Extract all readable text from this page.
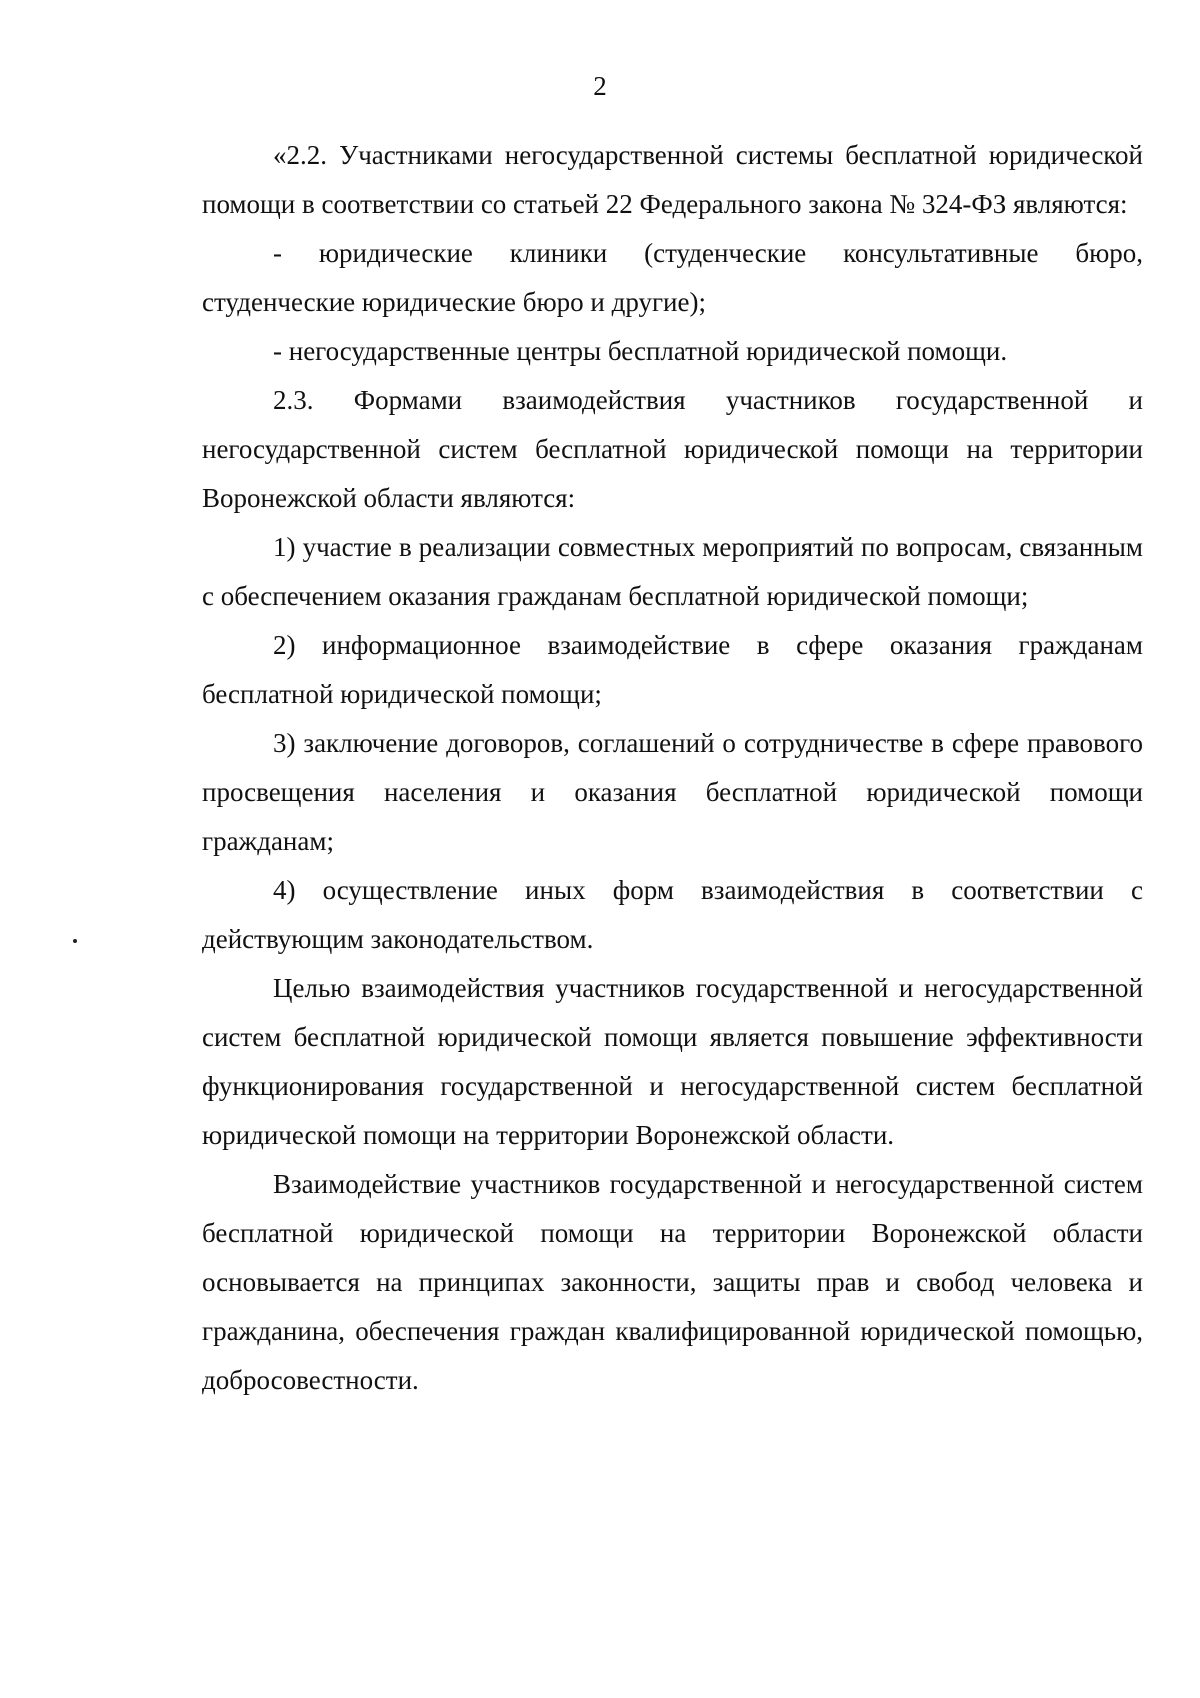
2

«2.2. Участниками негосударственной системы бесплатной юридической помощи в соответствии со статьей 22 Федерального закона № 324-ФЗ являются:

- юридические клиники (студенческие консультативные бюро, студенческие юридические бюро и другие);

- негосударственные центры бесплатной юридической помощи.

2.3. Формами взаимодействия участников государственной и негосударственной систем бесплатной юридической помощи на территории Воронежской области являются:

1) участие в реализации совместных мероприятий по вопросам, связанным с обеспечением оказания гражданам бесплатной юридической помощи;

2) информационное взаимодействие в сфере оказания гражданам бесплатной юридической помощи;

3) заключение договоров, соглашений о сотрудничестве в сфере правового просвещения населения и оказания бесплатной юридической помощи гражданам;

4) осуществление иных форм взаимодействия в соответствии с действующим законодательством.

Целью взаимодействия участников государственной и негосударственной систем бесплатной юридической помощи является повышение эффективности функционирования государственной и негосударственной систем бесплатной юридической помощи на территории Воронежской области.

Взаимодействие участников государственной и негосударственной систем бесплатной юридической помощи на территории Воронежской области основывается на принципах законности, защиты прав и свобод человека и гражданина, обеспечения граждан квалифицированной юридической помощью, добросовестности.
